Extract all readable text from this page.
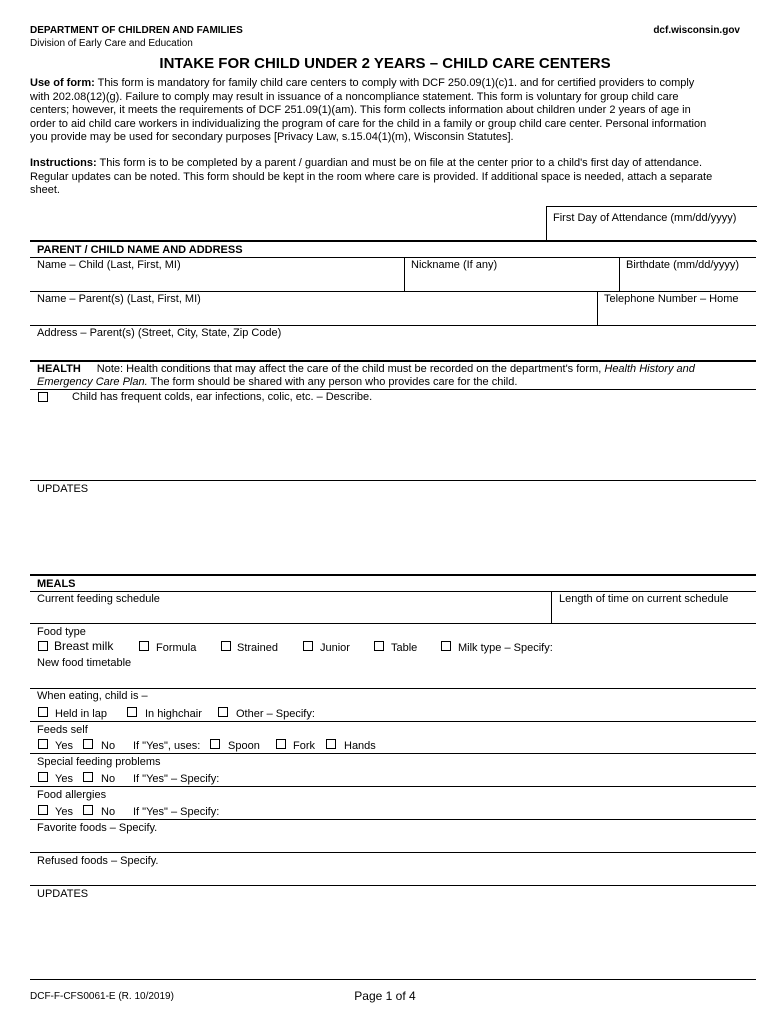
DEPARTMENT OF CHILDREN AND FAMILIES
Division of Early Care and Education
dcf.wisconsin.gov
INTAKE FOR CHILD UNDER 2 YEARS – CHILD CARE CENTERS
Use of form: This form is mandatory for family child care centers to comply with DCF 250.09(1)(c)1. and for certified providers to comply
with 202.08(12)(g). Failure to comply may result in issuance of a noncompliance statement. This form is voluntary for group child care
centers; however, it meets the requirements of DCF 251.09(1)(am). This form collects information about children under 2 years of age in
order to aid child care workers in individualizing the program of care for the child in a family or group child care center. Personal information
you provide may be used for secondary purposes [Privacy Law, s.15.04(1)(m), Wisconsin Statutes].
Instructions: This form is to be completed by a parent / guardian and must be on file at the center prior to a child's first day of attendance.
Regular updates can be noted. This form should be kept in the room where care is provided. If additional space is needed, attach a separate
sheet.
First Day of Attendance (mm/dd/yyyy)
PARENT / CHILD NAME AND ADDRESS
Name – Child (Last, First, MI)	Nickname (If any)	Birthdate (mm/dd/yyyy)
Name – Parent(s) (Last, First, MI)	Telephone Number – Home
Address – Parent(s) (Street, City, State, Zip Code)
HEALTH Note: Health conditions that may affect the care of the child must be recorded on the department's form, Health History and
Emergency Care Plan. The form should be shared with any person who provides care for the child.
Child has frequent colds, ear infections, colic, etc. – Describe.
UPDATES
MEALS
Current feeding schedule	Length of time on current schedule
Food type
Breast milk	Formula	Strained	Junior	Table	Milk type – Specify:
New food timetable
When eating, child is –
Held in lap	In highchair	Other – Specify:
Feeds self
Yes	No If "Yes", uses:	Spoon	Fork	Hands
Special feeding problems
Yes	No If "Yes" – Specify:
Food allergies
Yes	No If "Yes" – Specify:
Favorite foods – Specify.
Refused foods – Specify.
UPDATES
DCF-F-CFS0061-E (R. 10/2019)	Page 1 of 4
